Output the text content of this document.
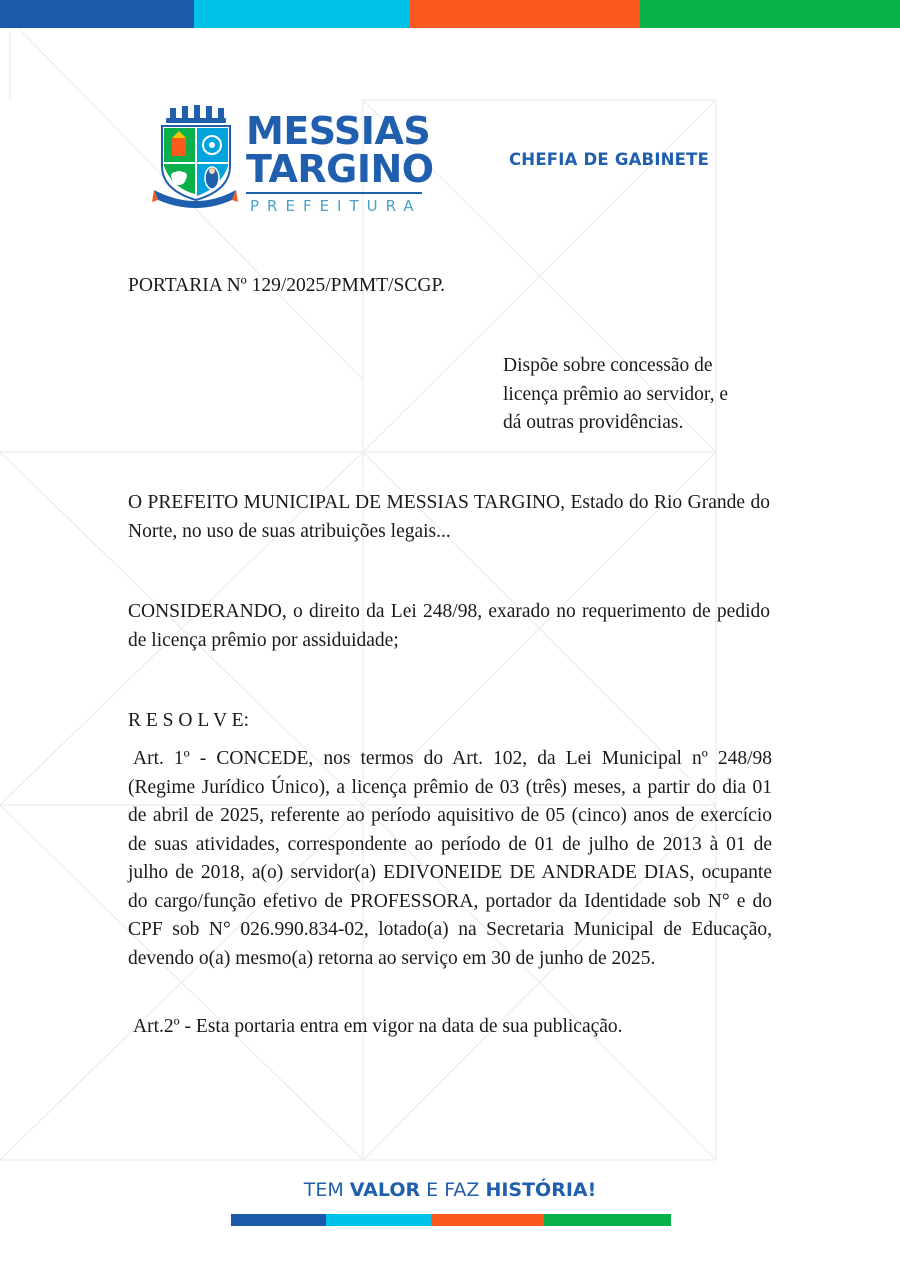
MESSIAS
TARGINO
PREFEITURA
CHEFIA DE GABINETE
PORTARIA Nº 129/2025/PMMT/SCGP.
Dispõe sobre concessão de
licença prêmio ao servidor, e
dá outras providências.
O PREFEITO MUNICIPAL DE MESSIAS TARGINO, Estado do Rio Grande do Norte, no uso de suas atribuições legais...
CONSIDERANDO, o direito da Lei 248/98, exarado no requerimento de pedido de licença prêmio por assiduidade;
R E S O L V E:
Art. 1º - CONCEDE, nos termos do Art. 102, da Lei Municipal nº 248/98 (Regime Jurídico Único), a licença prêmio de 03 (três) meses, a partir do dia 01 de abril de 2025, referente ao período aquisitivo de 05 (cinco) anos de exercício de suas atividades, correspondente ao período de 01 de julho de 2013 à 01 de julho de 2018, a(o) servidor(a) EDIVONEIDE DE ANDRADE DIAS, ocupante do cargo/função efetivo de PROFESSORA, portador da Identidade sob N° e do CPF sob N° 026.990.834-02, lotado(a) na Secretaria Municipal de Educação, devendo o(a) mesmo(a) retorna ao serviço em 30 de junho de 2025.
Art.2º - Esta portaria entra em vigor na data de sua publicação.
TEM VALOR E FAZ HISTÓRIA!
